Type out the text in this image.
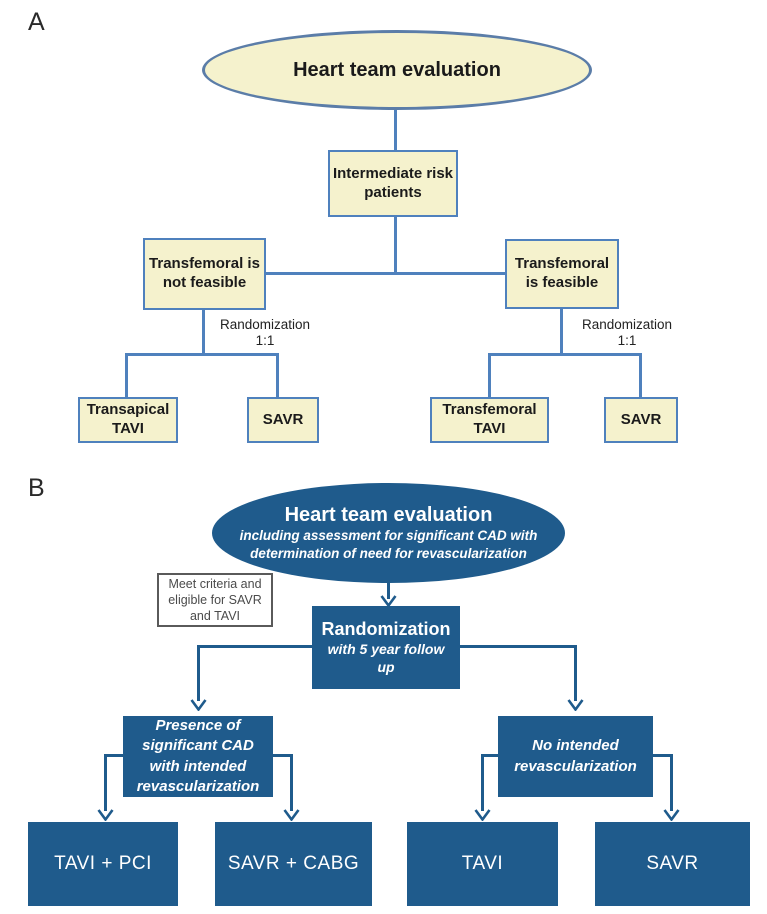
A
Heart team evaluation
Intermediate risk patients
Transfemoral is not feasible
Transfemoral is feasible
Randomization
1:1
Randomization
1:1
Transapical TAVI
SAVR
Transfemoral TAVI
SAVR
B
Heart team evaluation
including assessment for significant CAD with determination of need for revascularization
Meet criteria and eligible for SAVR and TAVI
Randomization
with 5 year follow up
Presence of significant CAD with intended revascularization
No intended revascularization
TAVI + PCI	SAVR + CABG	TAVI	SAVR
